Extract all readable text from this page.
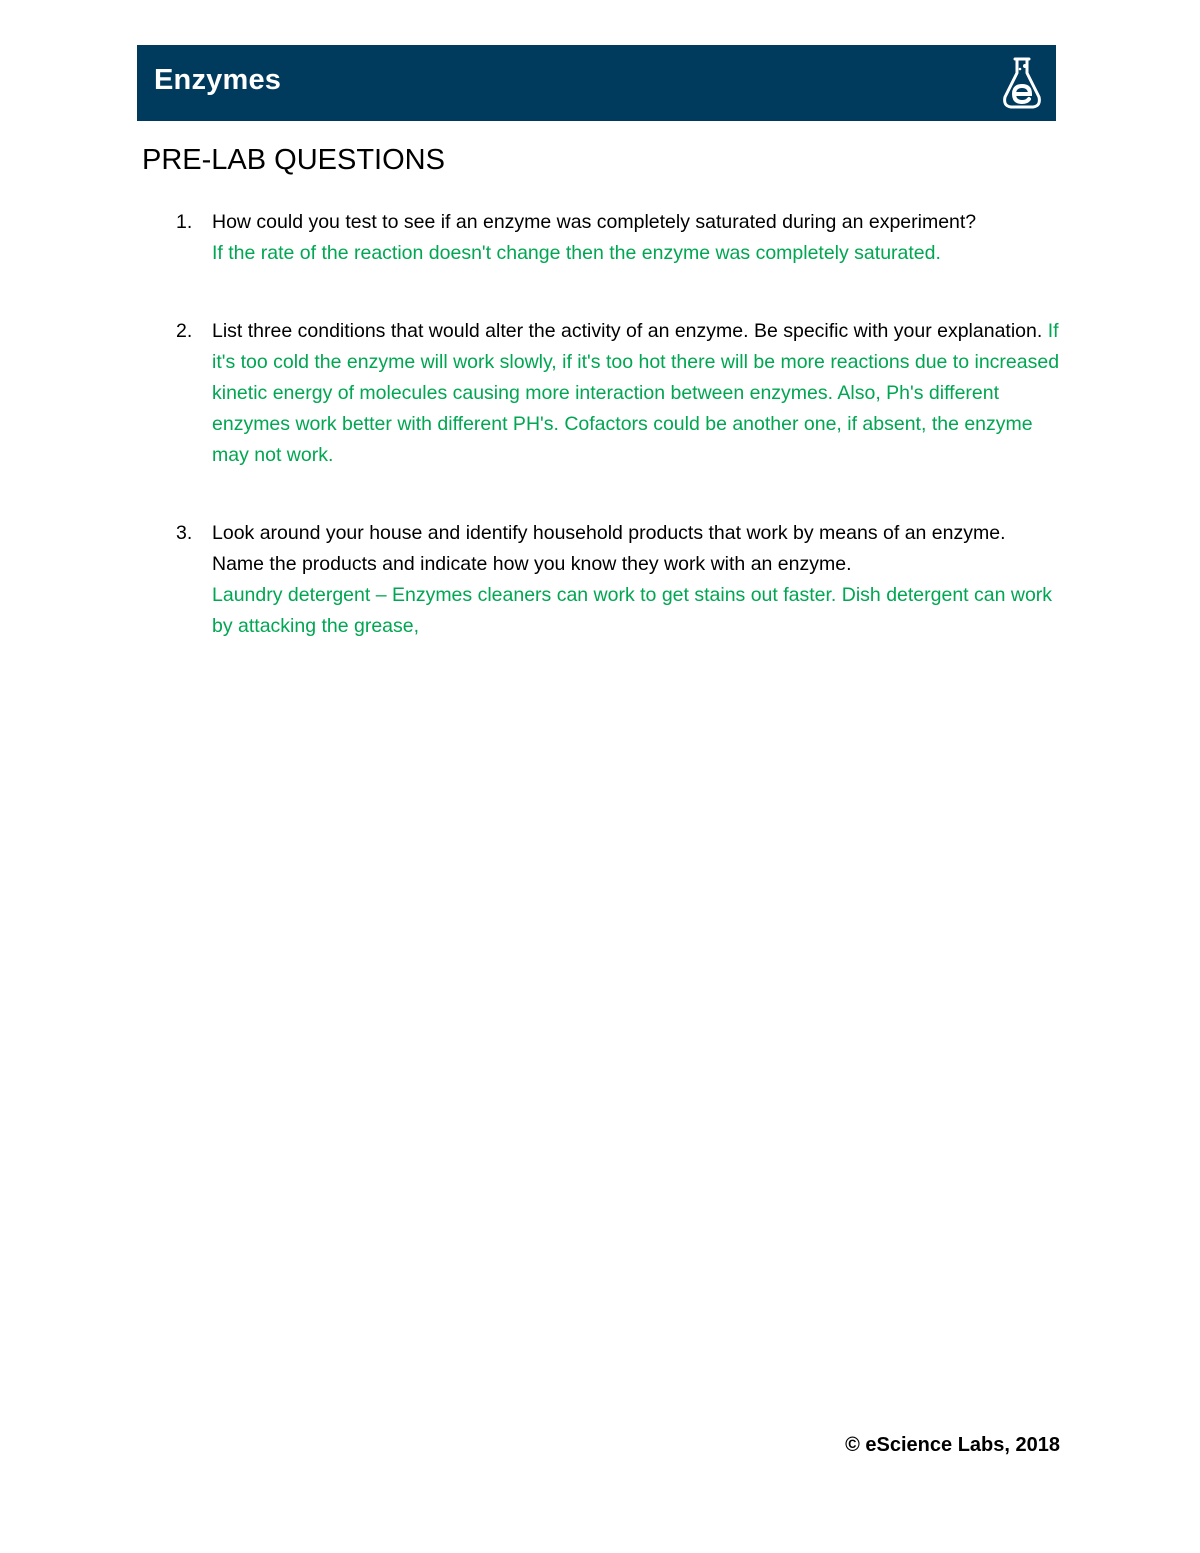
Enzymes
PRE-LAB QUESTIONS
1. How could you test to see if an enzyme was completely saturated during an experiment?
If the rate of the reaction doesn't change then the enzyme was completely saturated.
2. List three conditions that would alter the activity of an enzyme. Be specific with your explanation. If it's too cold the enzyme will work slowly, if it's too hot there will be more reactions due to increased kinetic energy of molecules causing more interaction between enzymes. Also, Ph's different enzymes work better with different PH's. Cofactors could be another one, if absent, the enzyme may not work.
3. Look around your house and identify household products that work by means of an enzyme. Name the products and indicate how you know they work with an enzyme.
Laundry detergent – Enzymes cleaners can work to get stains out faster. Dish detergent can work by attacking the grease,
© eScience Labs, 2018
